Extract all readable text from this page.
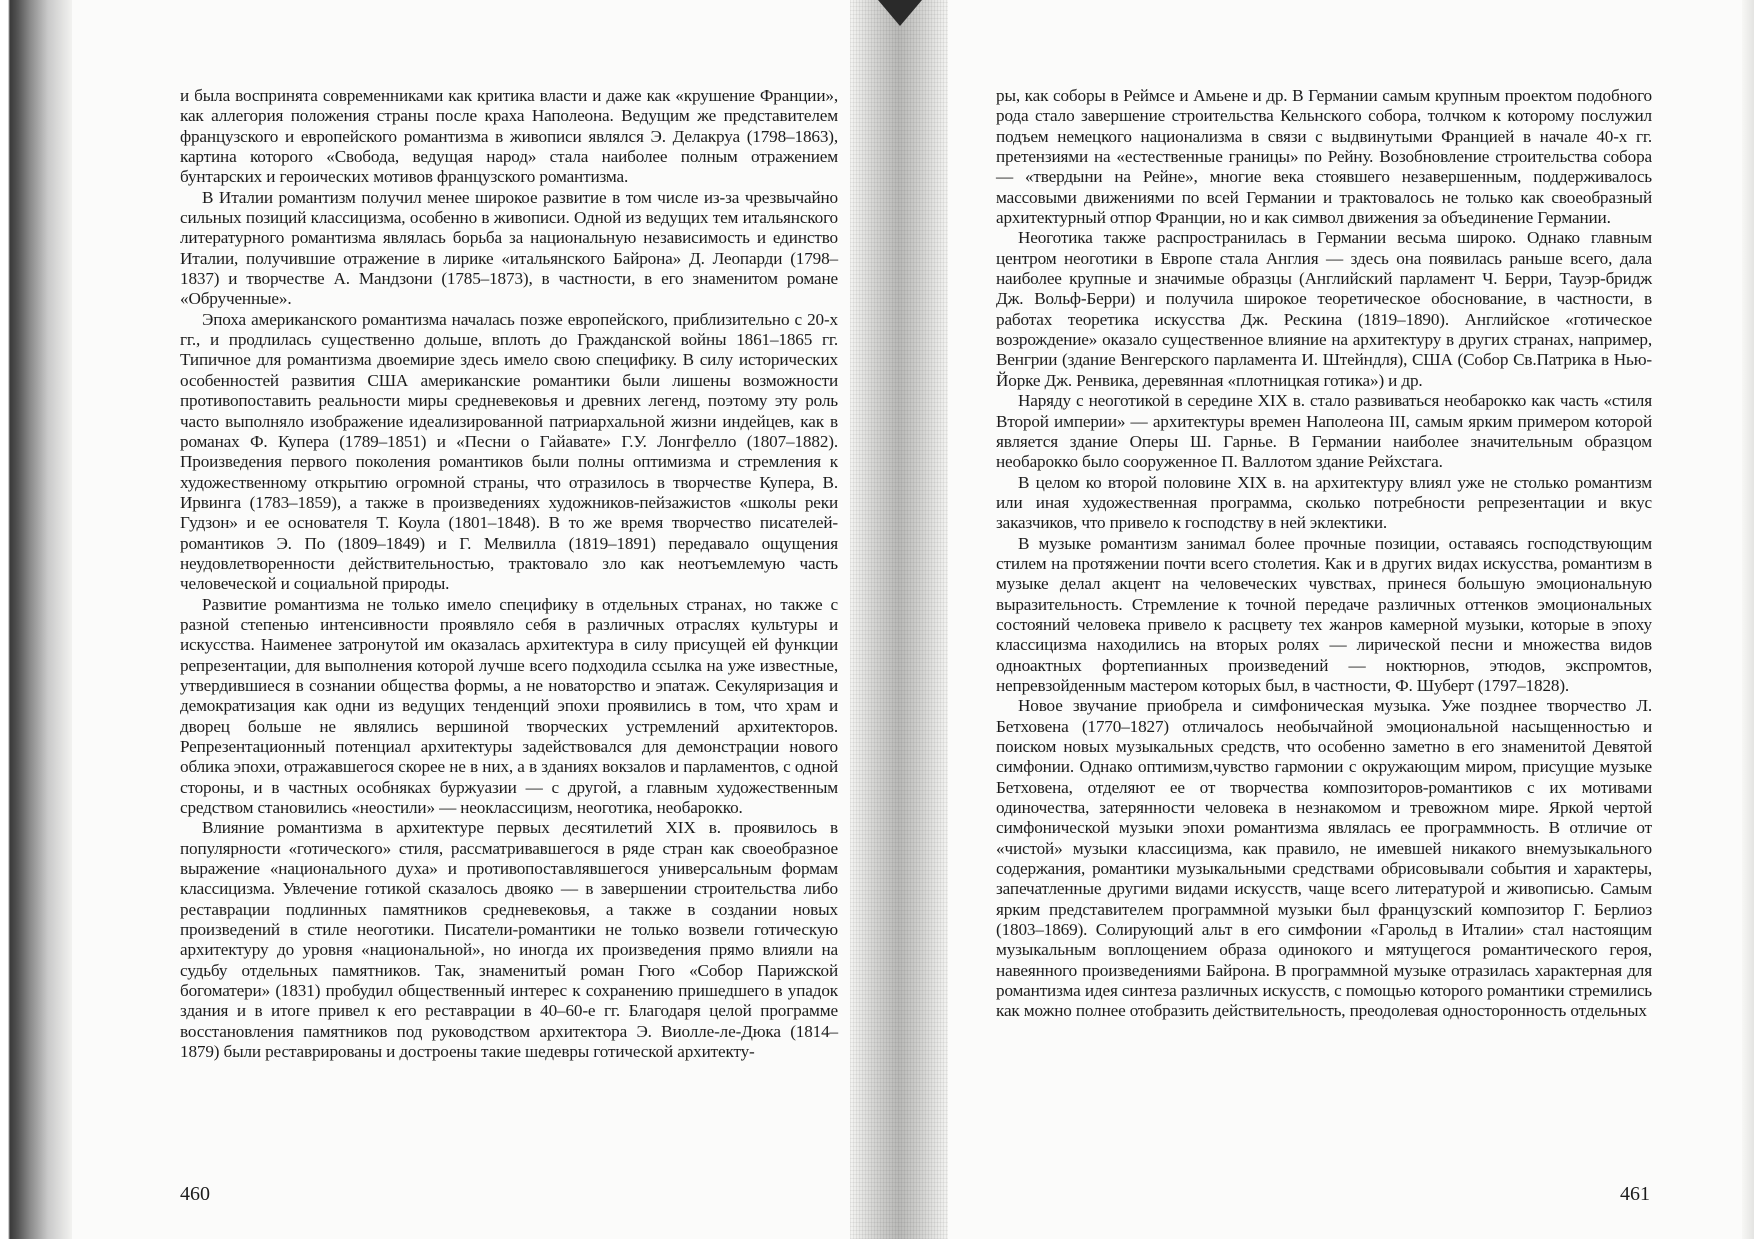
и была воспринята современниками как критика власти и даже как «крушение Франции», как аллегория положения страны после краха Наполеона. Ведущим же представителем французского и европейского романтизма в живописи являлся Э. Делакруа (1798–1863), картина которого «Свобода, ведущая народ» стала наиболее полным отражением бунтарских и героических мотивов французского романтизма.

В Италии романтизм получил менее широкое развитие в том числе из-за чрезвычайно сильных позиций классицизма, особенно в живописи. Одной из ведущих тем итальянского литературного романтизма являлась борьба за национальную независимость и единство Италии, получившие отражение в лирике «итальянского Байрона» Д. Леопарди (1798–1837) и творчестве А. Мандзони (1785–1873), в частности, в его знаменитом романе «Обрученные».

Эпоха американского романтизма началась позже европейского, приблизительно с 20-х гг., и продлилась существенно дольше, вплоть до Гражданской войны 1861–1865 гг. Типичное для романтизма двоемирие здесь имело свою специфику. В силу исторических особенностей развития США американские романтики были лишены возможности противопоставить реальности миры средневековья и древних легенд, поэтому эту роль часто выполняло изображение идеализированной патриархальной жизни индейцев, как в романах Ф. Купера (1789–1851) и «Песни о Гайавате» Г.У. Лонгфелло (1807–1882). Произведения первого поколения романтиков были полны оптимизма и стремления к художественному открытию огромной страны, что отразилось в творчестве Купера, В. Ирвинга (1783–1859), а также в произведениях художников-пейзажистов «школы реки Гудзон» и ее основателя Т. Коула (1801–1848). В то же время творчество писателей-романтиков Э. По (1809–1849) и Г. Мелвилла (1819–1891) передавало ощущения неудовлетворенности действительностью, трактовало зло как неотъемлемую часть человеческой и социальной природы.

Развитие романтизма не только имело специфику в отдельных странах, но также с разной степенью интенсивности проявляло себя в различных отраслях культуры и искусства. Наименее затронутой им оказалась архитектура в силу присущей ей функции репрезентации, для выполнения которой лучше всего подходила ссылка на уже известные, утвердившиеся в сознании общества формы, а не новаторство и эпатаж. Секуляризация и демократизация как одни из ведущих тенденций эпохи проявились в том, что храм и дворец больше не являлись вершиной творческих устремлений архитекторов. Репрезентационный потенциал архитектуры задействовался для демонстрации нового облика эпохи, отражавшегося скорее не в них, а в зданиях вокзалов и парламентов, с одной стороны, и в частных особняках буржуазии — с другой, а главным художественным средством становились «неостили» — неоклассицизм, неоготика, необарокко.

Влияние романтизма в архитектуре первых десятилетий XIX в. проявилось в популярности «готического» стиля, рассматривавшегося в ряде стран как своеобразное выражение «национального духа» и противопоставлявшегося универсальным формам классицизма. Увлечение готикой сказалось двояко — в завершении строительства либо реставрации подлинных памятников средневековья, а также в создании новых произведений в стиле неоготики. Писатели-романтики не только возвели готическую архитектуру до уровня «национальной», но иногда их произведения прямо влияли на судьбу отдельных памятников. Так, знаменитый роман Гюго «Собор Парижской богоматери» (1831) пробудил общественный интерес к сохранению пришедшего в упадок здания и в итоге привел к его реставрации в 40–60-е гг. Благодаря целой программе восстановления памятников под руководством архитектора Э. Виолле-ле-Дюка (1814–1879) были реставрированы и достроены такие шедевры готической архитекту-

ры, как соборы в Реймсе и Амьене и др. В Германии самым крупным проектом подобного рода стало завершение строительства Кельнского собора, толчком к которому послужил подъем немецкого национализма в связи с выдвинутыми Францией в начале 40-х гг. претензиями на «естественные границы» по Рейну. Возобновление строительства собора — «твердыни на Рейне», многие века стоявшего незавершенным, поддерживалось массовыми движениями по всей Германии и трактовалось не только как своеобразный архитектурный отпор Франции, но и как символ движения за объединение Германии.

Неоготика также распространилась в Германии весьма широко. Однако главным центром неоготики в Европе стала Англия — здесь она появилась раньше всего, дала наиболее крупные и значимые образцы (Английский парламент Ч. Берри, Тауэр-бридж Дж. Вольф-Берри) и получила широкое теоретическое обоснование, в частности, в работах теоретика искусства Дж. Рескина (1819–1890). Английское «готическое возрождение» оказало существенное влияние на архитектуру в других странах, например, Венгрии (здание Венгерского парламента И. Штейндля), США (Собор Св.Патрика в Нью-Йорке Дж. Ренвика, деревянная «плотницкая готика») и др.

Наряду с неоготикой в середине XIX в. стало развиваться необарокко как часть «стиля Второй империи» — архитектуры времен Наполеона III, самым ярким примером которой является здание Оперы Ш. Гарнье. В Германии наиболее значительным образцом необарокко было сооруженное П. Валлотом здание Рейхстага.

В целом ко второй половине XIX в. на архитектуру влиял уже не столько романтизм или иная художественная программа, сколько потребности репрезентации и вкус заказчиков, что привело к господству в ней эклектики.

В музыке романтизм занимал более прочные позиции, оставаясь господствующим стилем на протяжении почти всего столетия. Как и в других видах искусства, романтизм в музыке делал акцент на человеческих чувствах, принеся большую эмоциональную выразительность. Стремление к точной передаче различных оттенков эмоциональных состояний человека привело к расцвету тех жанров камерной музыки, которые в эпоху классицизма находились на вторых ролях — лирической песни и множества видов одноактных фортепианных произведений — ноктюрнов, этюдов, экспромтов, непревзойденным мастером которых был, в частности, Ф. Шуберт (1797–1828).

Новое звучание приобрела и симфоническая музыка. Уже позднее творчество Л. Бетховена (1770–1827) отличалось необычайной эмоциональной насыщенностью и поиском новых музыкальных средств, что особенно заметно в его знаменитой Девятой симфонии. Однако оптимизм,чувство гармонии с окружающим миром, присущие музыке Бетховена, отделяют ее от творчества композиторов-романтиков с их мотивами одиночества, затерянности человека в незнакомом и тревожном мире. Яркой чертой симфонической музыки эпохи романтизма являлась ее программность. В отличие от «чистой» музыки классицизма, как правило, не имевшей никакого внемузыкального содержания, романтики музыкальными средствами обрисовывали события и характеры, запечатленные другими видами искусств, чаще всего литературой и живописью. Самым ярким представителем программной музыки был французский композитор Г. Берлиоз (1803–1869). Солирующий альт в его симфонии «Гарольд в Италии» стал настоящим музыкальным воплощением образа одинокого и мятущегося романтического героя, навеянного произведениями Байрона. В программной музыке отразилась характерная для романтизма идея синтеза различных искусств, с помощью которого романтики стремились как можно полнее отобразить действительность, преодолевая односторонность отдельных

460	461
